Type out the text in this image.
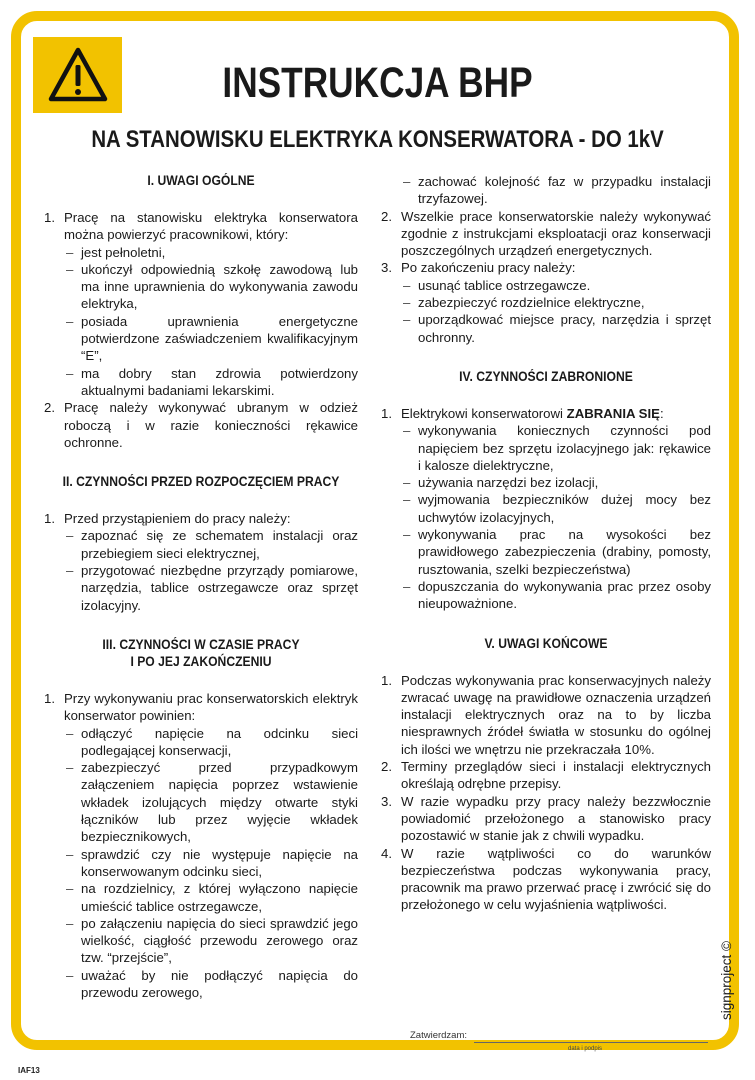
INSTRUKCJA BHP
NA STANOWISKU ELEKTRYKA KONSERWATORA - DO 1kV
I. UWAGI OGÓLNE
1. Pracę na stanowisku elektryka konserwatora można powierzyć pracownikowi, który:
– jest pełnoletni,
– ukończył odpowiednią szkołę zawodową lub ma inne uprawnienia do wykonywania zawodu elektryka,
– posiada uprawnienia energetyczne potwierdzone zaświadczeniem kwalifikacyjnym “E”,
– ma dobry stan zdrowia potwierdzony aktualnymi badaniami lekarskimi.
2. Pracę należy wykonywać ubranym w odzież roboczą i w razie konieczności rękawice ochronne.
II. CZYNNOŚCI PRZED ROZPOCZĘCIEM PRACY
1. Przed przystąpieniem do pracy należy:
– zapoznać się ze schematem instalacji oraz przebiegiem sieci elektrycznej,
– przygotować niezbędne przyrządy pomiarowe, narzędzia, tablice ostrzegawcze oraz sprzęt izolacyjny.
III. CZYNNOŚCI W CZASIE PRACY
I PO JEJ ZAKOŃCZENIU
1. Przy wykonywaniu prac konserwatorskich elektryk konserwator powinien:
– odłączyć napięcie na odcinku sieci podlegającej konserwacji,
– zabezpieczyć przed przypadkowym załączeniem napięcia poprzez wstawienie wkładek izolujących między otwarte styki łączników lub przez wyjęcie wkładek bezpiecznikowych,
– sprawdzić czy nie występuje napięcie na konserwowanym odcinku sieci,
– na rozdzielnicy, z której wyłączono napięcie umieścić tablice ostrzegawcze,
– po załączeniu napięcia do sieci sprawdzić jego wielkość, ciągłość przewodu zerowego oraz tzw. “przejście”,
– uważać by nie podłączyć napięcia do przewodu zerowego,
– zachować kolejność faz w przypadku instalacji trzyfazowej.
2. Wszelkie prace konserwatorskie należy wykonywać zgodnie z instrukcjami eksploatacji oraz konserwacji poszczególnych urządzeń energetycznych.
3. Po zakończeniu pracy należy:
– usunąć tablice ostrzegawcze.
– zabezpieczyć rozdzielnice elektryczne,
– uporządkować miejsce pracy, narzędzia i sprzęt ochronny.
IV. CZYNNOŚCI ZABRONIONE
1. Elektrykowi konserwatorowi ZABRANIA SIĘ:
– wykonywania koniecznych czynności pod napięciem bez sprzętu izolacyjnego jak: rękawice i kalosze dielektryczne,
– używania narzędzi bez izolacji,
– wyjmowania bezpieczników dużej mocy bez uchwytów izolacyjnych,
– wykonywania prac na wysokości bez prawidłowego zabezpieczenia (drabiny, pomosty, rusztowania, szelki bezpieczeństwa)
– dopuszczania do wykonywania prac przez osoby nieupoważnione.
V. UWAGI KOŃCOWE
1. Podczas wykonywania prac konserwacyjnych należy zwracać uwagę na prawidłowe oznaczenia urządzeń instalacji elektrycznych oraz na to by liczba niesprawnych źródeł światła w stosunku do ogólnej ich ilości we wnętrzu nie przekraczała 10%.
2. Terminy przeglądów sieci i instalacji elektrycznych określają odrębne przepisy.
3. W razie wypadku przy pracy należy bezzwłocznie powiadomić przełożonego a stanowisko pracy pozostawić w stanie jak z chwili wypadku.
4. W razie wątpliwości co do warunków bezpieczeństwa podczas wykonywania pracy, pracownik ma prawo przerwać pracę i zwrócić się do przełożonego w celu wyjaśnienia wątpliwości.
Zatwierdzam:
data i podpis
IAF13
signproject ©
